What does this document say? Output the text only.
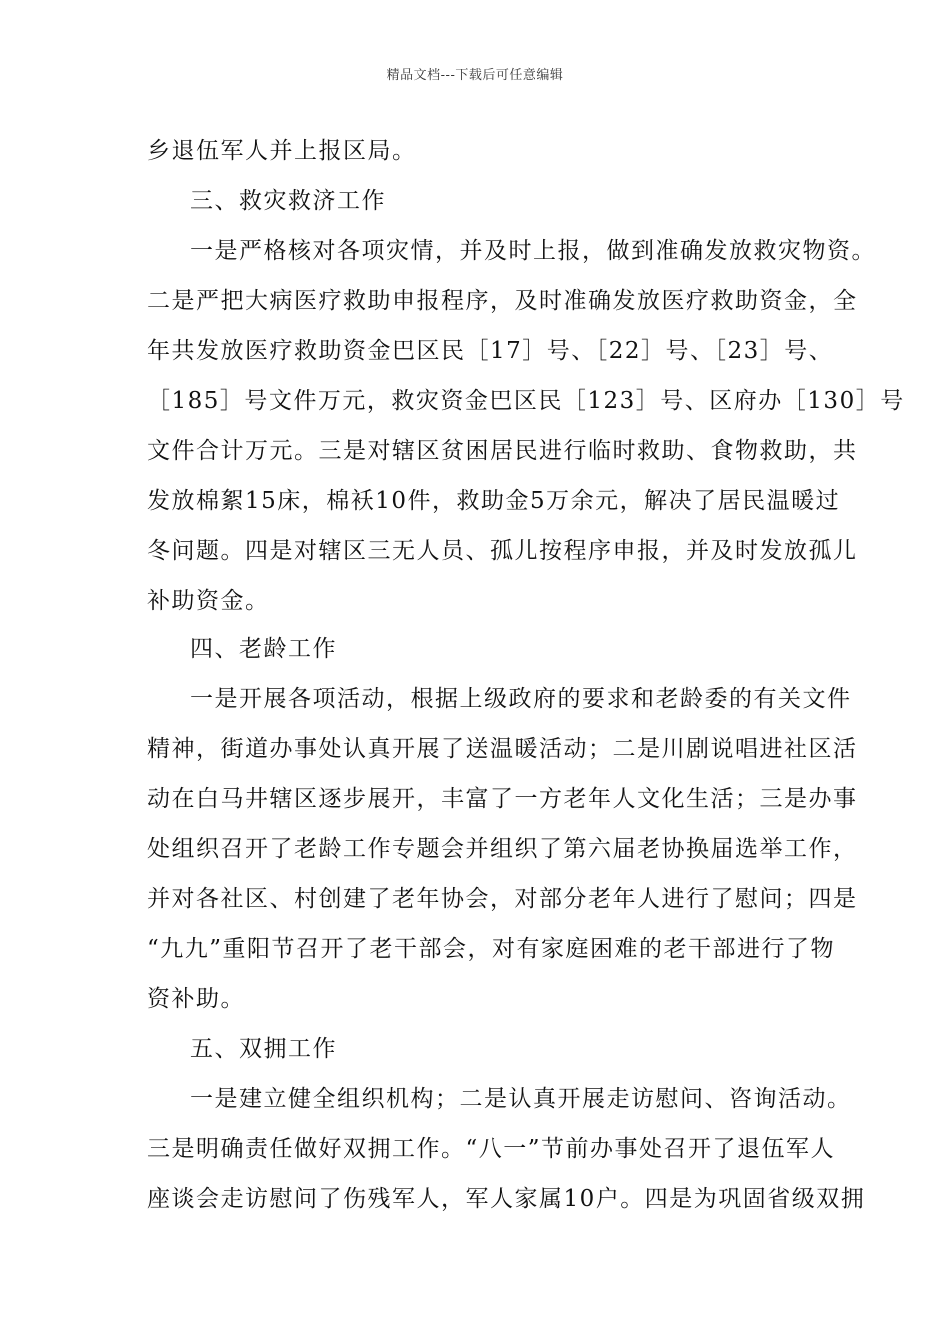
精品文档---下载后可任意编辑
乡退伍军人并上报区局。
三、救灾救济工作
一是严格核对各项灾情，并及时上报，做到准确发放救灾物资。
二是严把大病医疗救助申报程序，及时准确发放医疗救助资金，全
年共发放医疗救助资金巴区民［17］号、［22］号、［23］号、
［185］号文件万元，救灾资金巴区民［123］号、区府办［130］号
文件合计万元。三是对辖区贫困居民进行临时救助、食物救助，共
发放棉絮15床，棉袄10件，救助金5万余元，解决了居民温暖过
冬问题。四是对辖区三无人员、孤儿按程序申报，并及时发放孤儿
补助资金。
四、老龄工作
一是开展各项活动，根据上级政府的要求和老龄委的有关文件
精神，街道办事处认真开展了送温暖活动；二是川剧说唱进社区活
动在白马井辖区逐步展开，丰富了一方老年人文化生活；三是办事
处组织召开了老龄工作专题会并组织了第六届老协换届选举工作，
并对各社区、村创建了老年协会，对部分老年人进行了慰问；四是
“九九”重阳节召开了老干部会，对有家庭困难的老干部进行了物
资补助。
五、双拥工作
一是建立健全组织机构；二是认真开展走访慰问、咨询活动。
三是明确责任做好双拥工作。“八一”节前办事处召开了退伍军人
座谈会走访慰问了伤残军人，军人家属10户。四是为巩固省级双拥
